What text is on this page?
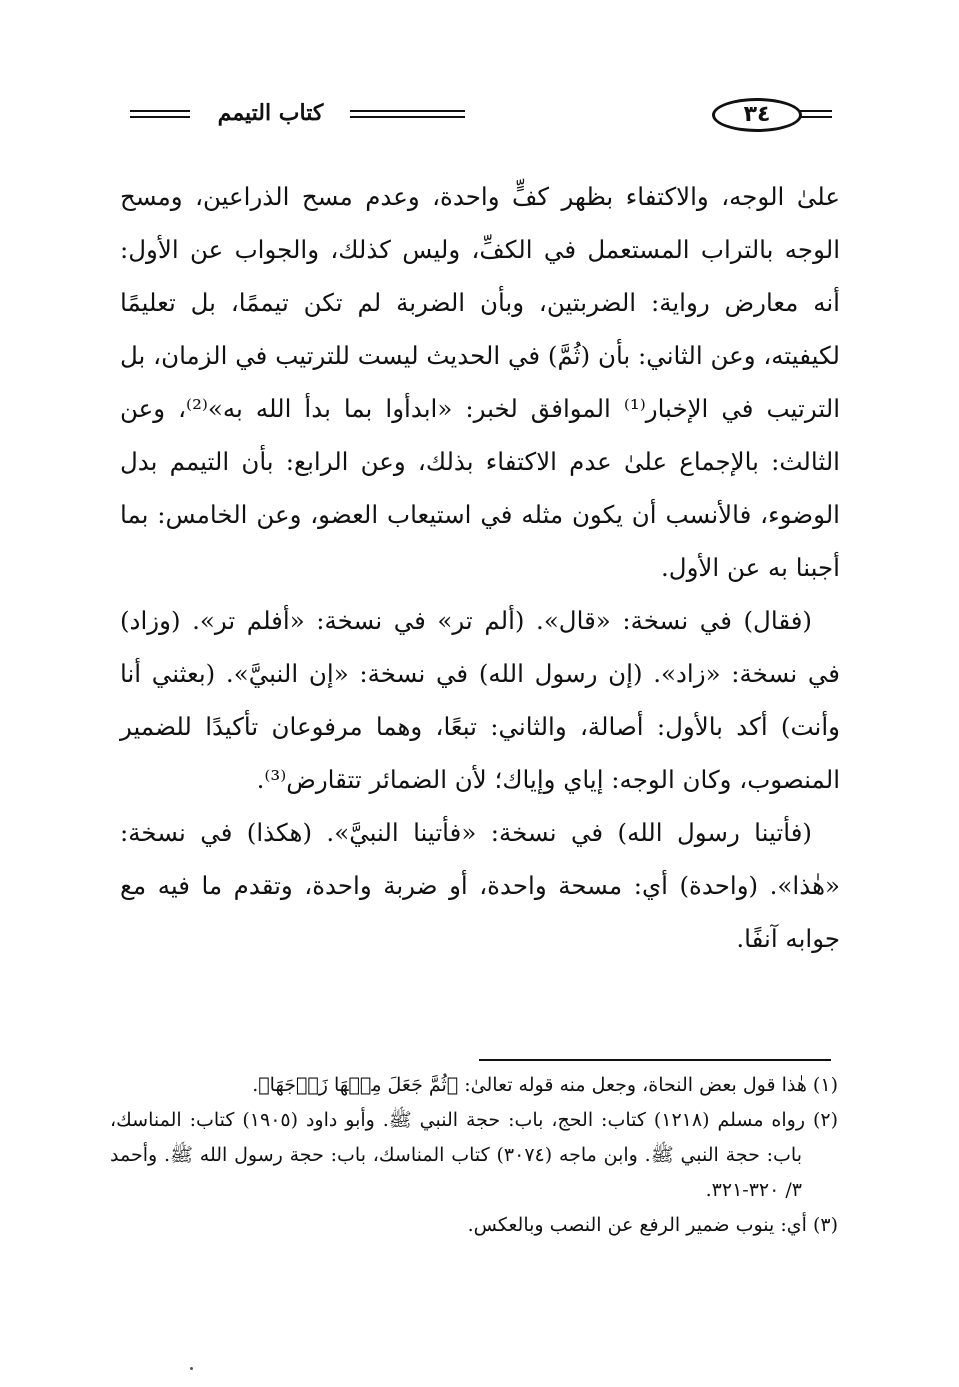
كتاب التيمم	٣٤

علىٰ الوجه، والاكتفاء بظهر كفٍّ واحدة، وعدم مسح الذراعين، ومسح الوجه بالتراب المستعمل في الكفِّ، وليس كذلك، والجواب عن الأول: أنه معارض رواية: الضربتين، وبأن الضربة لم تكن تيممًا، بل تعليمًا لكيفيته، وعن الثاني: بأن (ثُمَّ) في الحديث ليست للترتيب في الزمان، بل الترتيب في الإخبار⁽¹⁾ الموافق لخبر: «ابدأوا بما بدأ الله به»⁽²⁾، وعن الثالث: بالإجماع علىٰ عدم الاكتفاء بذلك، وعن الرابع: بأن التيمم بدل الوضوء، فالأنسب أن يكون مثله في استيعاب العضو، وعن الخامس: بما أجبنا به عن الأول.

(فقال) في نسخة: «قال». (ألم تر» في نسخة: «أفلم تر». (وزاد) في نسخة: «زاد». (إن رسول الله) في نسخة: «إن النبيَّ». (بعثني أنا وأنت) أكد بالأول: أصالة، والثاني: تبعًا، وهما مرفوعان تأكيدًا للضمير المنصوب، وكان الوجه: إياي وإياك؛ لأن الضمائر تتقارض⁽³⁾.

(فأتينا رسول الله) في نسخة: «فأتينا النبيَّ». (هكذا) في نسخة: «هٰذا». (واحدة) أي: مسحة واحدة، أو ضربة واحدة، وتقدم ما فيه مع جوابه آنفًا.

(١) هٰذا قول بعض النحاة، وجعل منه قوله تعالىٰ: ﴿ثُمَّ جَعَلَ مِنۡهَا زَوۡجَهَا﴾.

(٢) رواه مسلم (١٢١٨) كتاب: الحج، باب: حجة النبي ﷺ. وأبو داود (١٩٠٥) كتاب: المناسك، باب: حجة النبي ﷺ. وابن ماجه (٣٠٧٤) كتاب المناسك، باب: حجة رسول الله ﷺ. وأحمد ٣/ ٣٢٠-٣٢١.

(٣) أي: ينوب ضمير الرفع عن النصب وبالعكس.
